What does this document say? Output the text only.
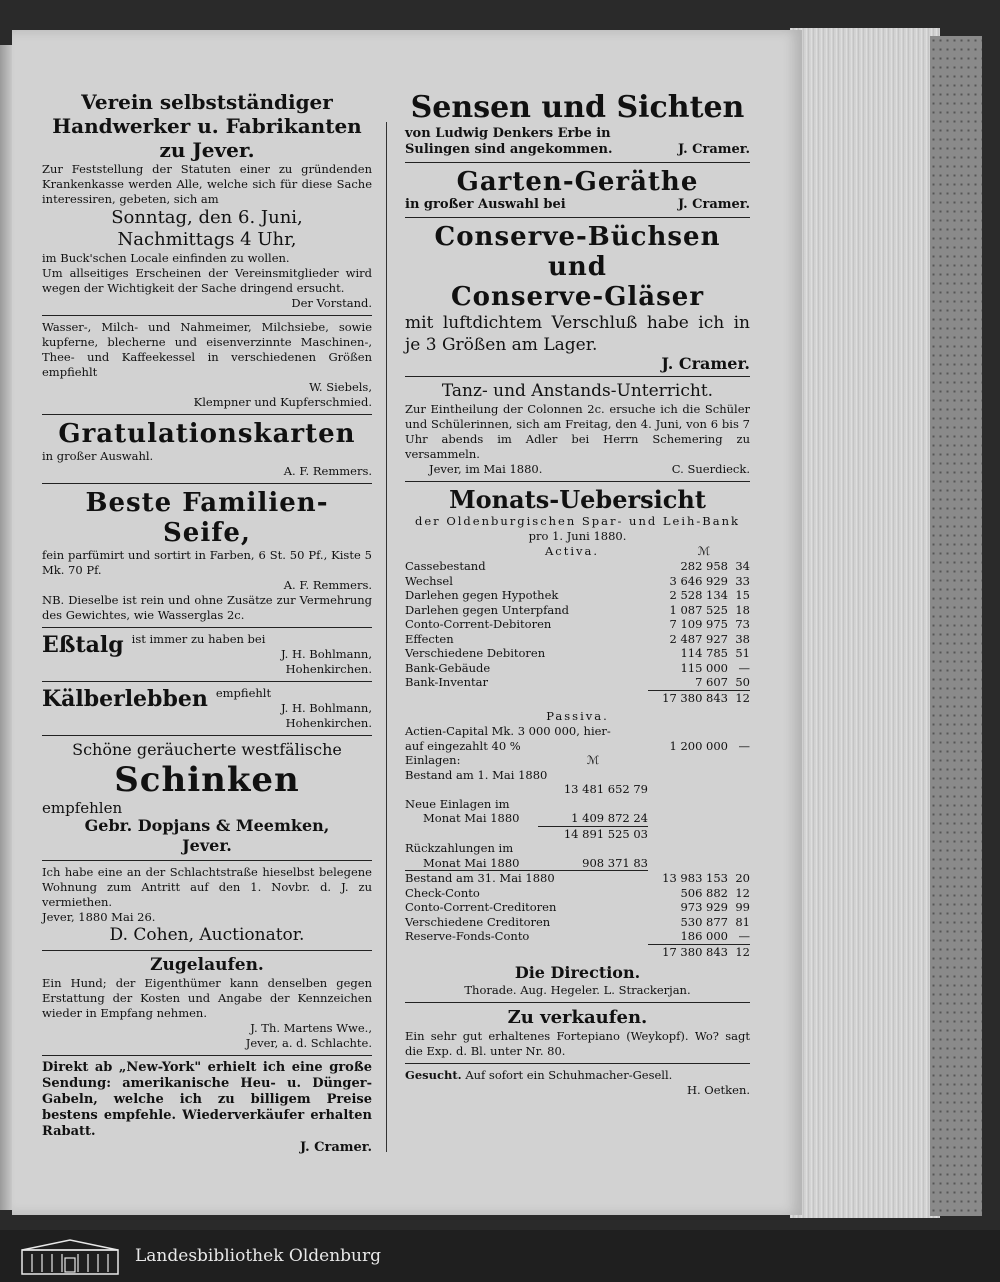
Verein selbstständiger Handwerker u. Fabrikanten zu Jever.
Zur Feststellung der Statuten einer zu gründenden Krankenkasse werden Alle, welche sich für diese Sache interessiren, gebeten, sich am
Sonntag, den 6. Juni,
Nachmittags 4 Uhr,
im Buck'schen Locale einfinden zu wollen.
Um allseitiges Erscheinen der Vereinsmitglieder wird wegen der Wichtigkeit der Sache dringend ersucht.
Der Vorstand.
Wasser-, Milch- und Nahmeimer, Milchsiebe, sowie kupferne, blecherne und eisenverzinnte Maschinen-, Thee- und Kaffeekessel in verschiedenen Größen empfiehlt
W. Siebels,
Klempner und Kupferschmied.
Gratulationskarten
in großer Auswahl.
A. F. Remmers.
Beste Familien-Seife,
fein parfümirt und sortirt in Farben, 6 St. 50 Pf., Kiste 5 Mk. 70 Pf.
A. F. Remmers.
NB. Dieselbe ist rein und ohne Zusätze zur Vermehrung des Gewichtes, wie Wasserglas 2c.
Eßtalg ist immer zu haben bei
J. H. Bohlmann,
Hohenkirchen.
Kälberlebben empfiehlt
J. H. Bohlmann,
Hohenkirchen.
Schöne geräucherte westfälische
Schinken
empfehlen
Gebr. Dopjans & Meemken,
Jever.
Ich habe eine an der Schlachtstraße hieselbst belegene Wohnung zum Antritt auf den 1. Novbr. d. J. zu vermiethen.
Jever, 1880 Mai 26.
D. Cohen, Auctionator.
Zugelaufen.
Ein Hund; der Eigenthümer kann denselben gegen Erstattung der Kosten und Angabe der Kennzeichen wieder in Empfang nehmen.
J. Th. Martens Wwe.,
Jever, a. d. Schlachte.
Direkt ab „New-York" erhielt ich eine große Sendung: amerikanische Heu- u. Dünger-Gabeln, welche ich zu billigem Preise bestens empfehle. Wiederverkäufer erhalten Rabatt.
J. Cramer.
Sensen und Sichten
von Ludwig Denkers Erbe in Sulingen sind angekommen.	J. Cramer.
Garten-Geräthe
in großer Auswahl bei	J. Cramer.
Conserve-Büchsen und
Conserve-Gläser
mit luftdichtem Verschluß habe ich in je 3 Größen am Lager.
J. Cramer.
Tanz- und Anstands-Unterricht.
Zur Eintheilung der Colonnen 2c. ersuche ich die Schüler und Schülerinnen, sich am Freitag, den 4. Juni, von 6 bis 7 Uhr abends im Adler bei Herrn Schemering zu versammeln.
Jever, im Mai 1880.	C. Suerdieck.
Monats-Uebersicht
der Oldenburgischen Spar- und Leih-Bank
pro 1. Juni 1880.
Activa.	ℳ
Cassebestand	282 958	34
Wechsel	3 646 929	33
Darlehen gegen Hypothek	2 528 134	15
Darlehen gegen Unterpfand	1 087 525	18
Conto-Corrent-Debitoren	7 109 975	73
Effecten	2 487 927	38
Verschiedene Debitoren	114 785	51
Bank-Gebäude	115 000	—
Bank-Inventar	7 607	50
	17 380 843	12
Passiva.
Actien-Capital Mk. 3 000 000, hier-			
auf eingezahlt 40 %		1 200 000	—
Einlagen:	ℳ		
Bestand am 1. Mai 1880			
	13 481 652 79		
Neue Einlagen im			
Monat Mai 1880	1 409 872 24		
	14 891 525 03		
Rückzahlungen im			
Monat Mai 1880	908 371 83		
Bestand am 31. Mai 1880		13 983 153	20
Check-Conto		506 882	12
Conto-Corrent-Creditoren		973 929	99
Verschiedene Creditoren		530 877	81
Reserve-Fonds-Conto		186 000	—
		17 380 843	12
Die Direction.
Thorade. Aug. Hegeler. L. Strackerjan.
Zu verkaufen.
Ein sehr gut erhaltenes Fortepiano (Weykopf). Wo? sagt die Exp. d. Bl. unter Nr. 80.
Gesucht. Auf sofort ein Schuhmacher-Gesell.
H. Oetken.
Landesbibliothek Oldenburg
